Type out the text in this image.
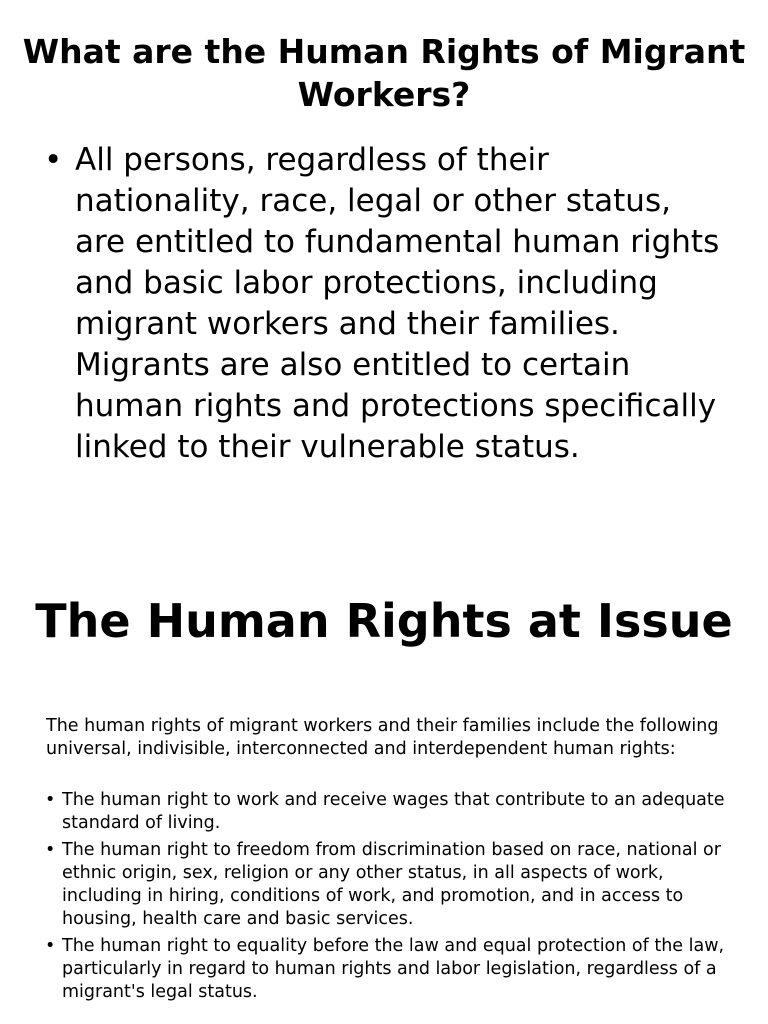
What are the Human Rights of Migrant Workers?
• All persons, regardless of their nationality, race, legal or other status, are entitled to fundamental human rights and basic labor protections, including migrant workers and their families. Migrants are also entitled to certain human rights and protections specifically linked to their vulnerable status.
The Human Rights at Issue

The human rights of migrant workers and their families include the following universal, indivisible, interconnected and interdependent human rights:

• The human right to work and receive wages that contribute to an adequate standard of living.
• The human right to freedom from discrimination based on race, national or ethnic origin, sex, religion or any other status, in all aspects of work, including in hiring, conditions of work, and promotion, and in access to housing, health care and basic services.
• The human right to equality before the law and equal protection of the law, particularly in regard to human rights and labor legislation, regardless of a migrant's legal status.
